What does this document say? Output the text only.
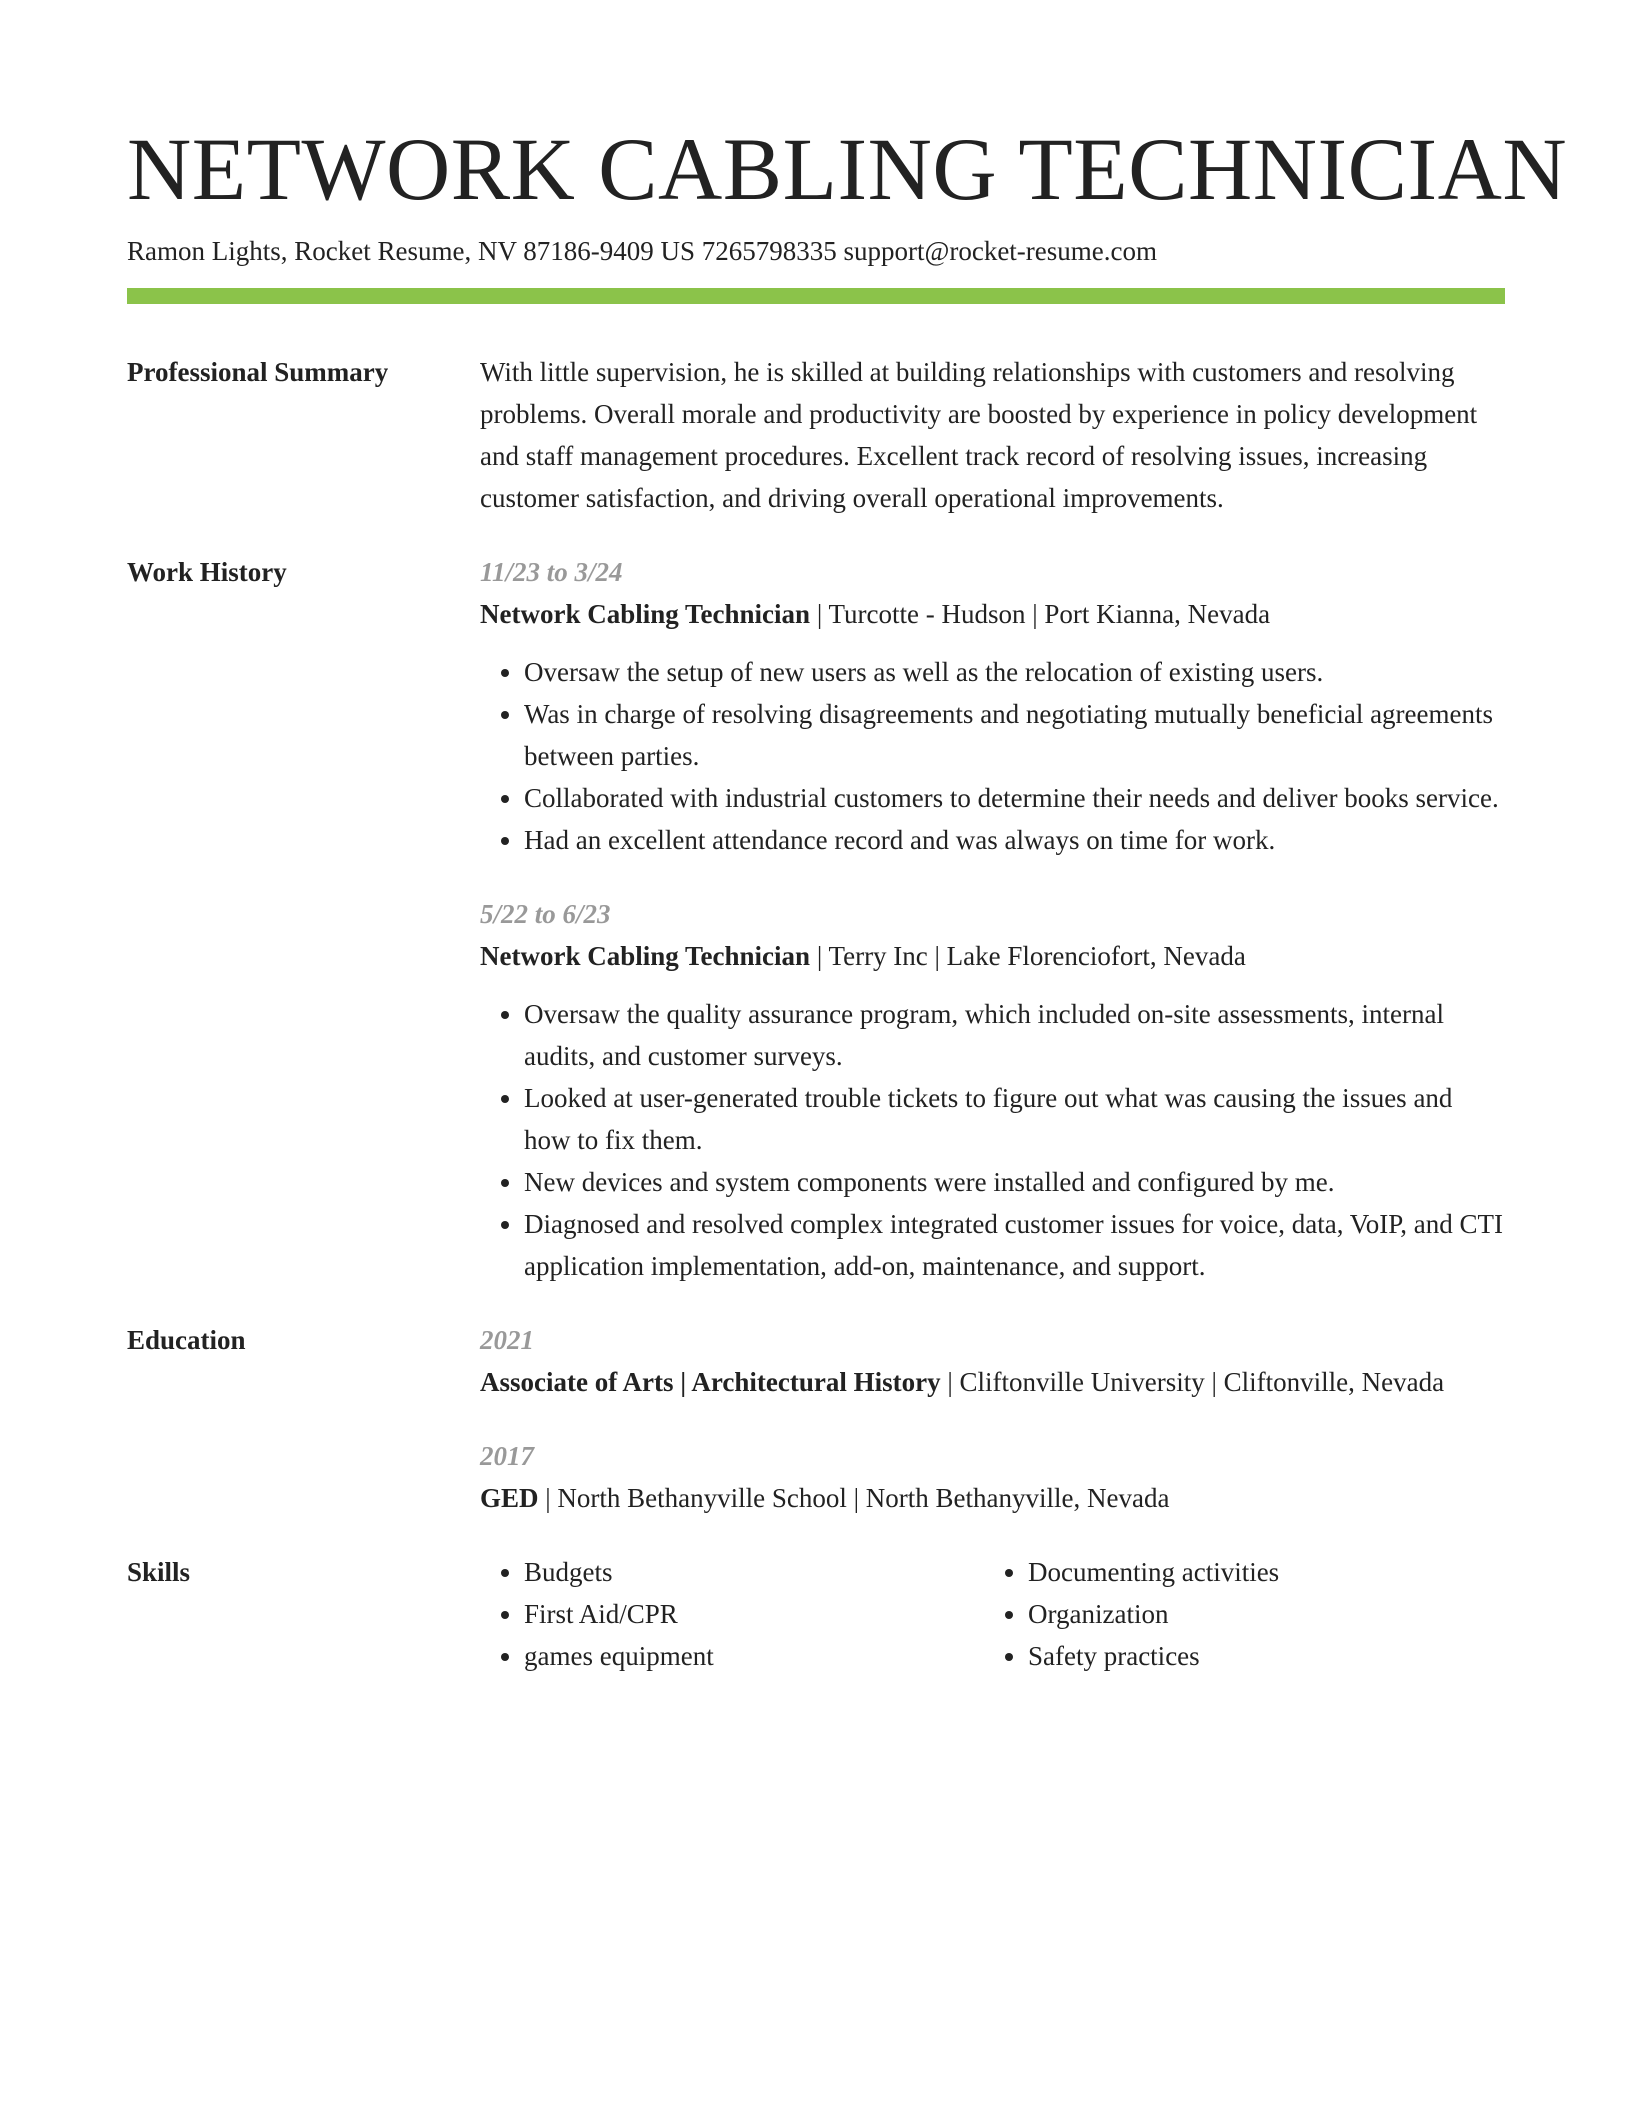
NETWORK CABLING TECHNICIAN
Ramon Lights, Rocket Resume, NV 87186-9409 US 7265798335 support@rocket-resume.com
Professional Summary	With little supervision, he is skilled at building relationships with customers and resolving problems. Overall morale and productivity are boosted by experience in policy development and staff management procedures. Excellent track record of resolving issues, increasing customer satisfaction, and driving overall operational improvements.
Work History	11/23 to 3/24
Network Cabling Technician | Turcotte - Hudson | Port Kianna, Nevada
• Oversaw the setup of new users as well as the relocation of existing users.
• Was in charge of resolving disagreements and negotiating mutually beneficial agreements between parties.
• Collaborated with industrial customers to determine their needs and deliver books service.
• Had an excellent attendance record and was always on time for work.
5/22 to 6/23
Network Cabling Technician | Terry Inc | Lake Florenciofort, Nevada
• Oversaw the quality assurance program, which included on-site assessments, internal audits, and customer surveys.
• Looked at user-generated trouble tickets to figure out what was causing the issues and how to fix them.
• New devices and system components were installed and configured by me.
• Diagnosed and resolved complex integrated customer issues for voice, data, VoIP, and CTI application implementation, add-on, maintenance, and support.
Education	2021
Associate of Arts | Architectural History | Cliftonville University | Cliftonville, Nevada
2017
GED | North Bethanyville School | North Bethanyville, Nevada
Skills
•	Budgets
• First Aid/CPR
• games equipment
• Documenting activities
• Organization
• Safety practices
